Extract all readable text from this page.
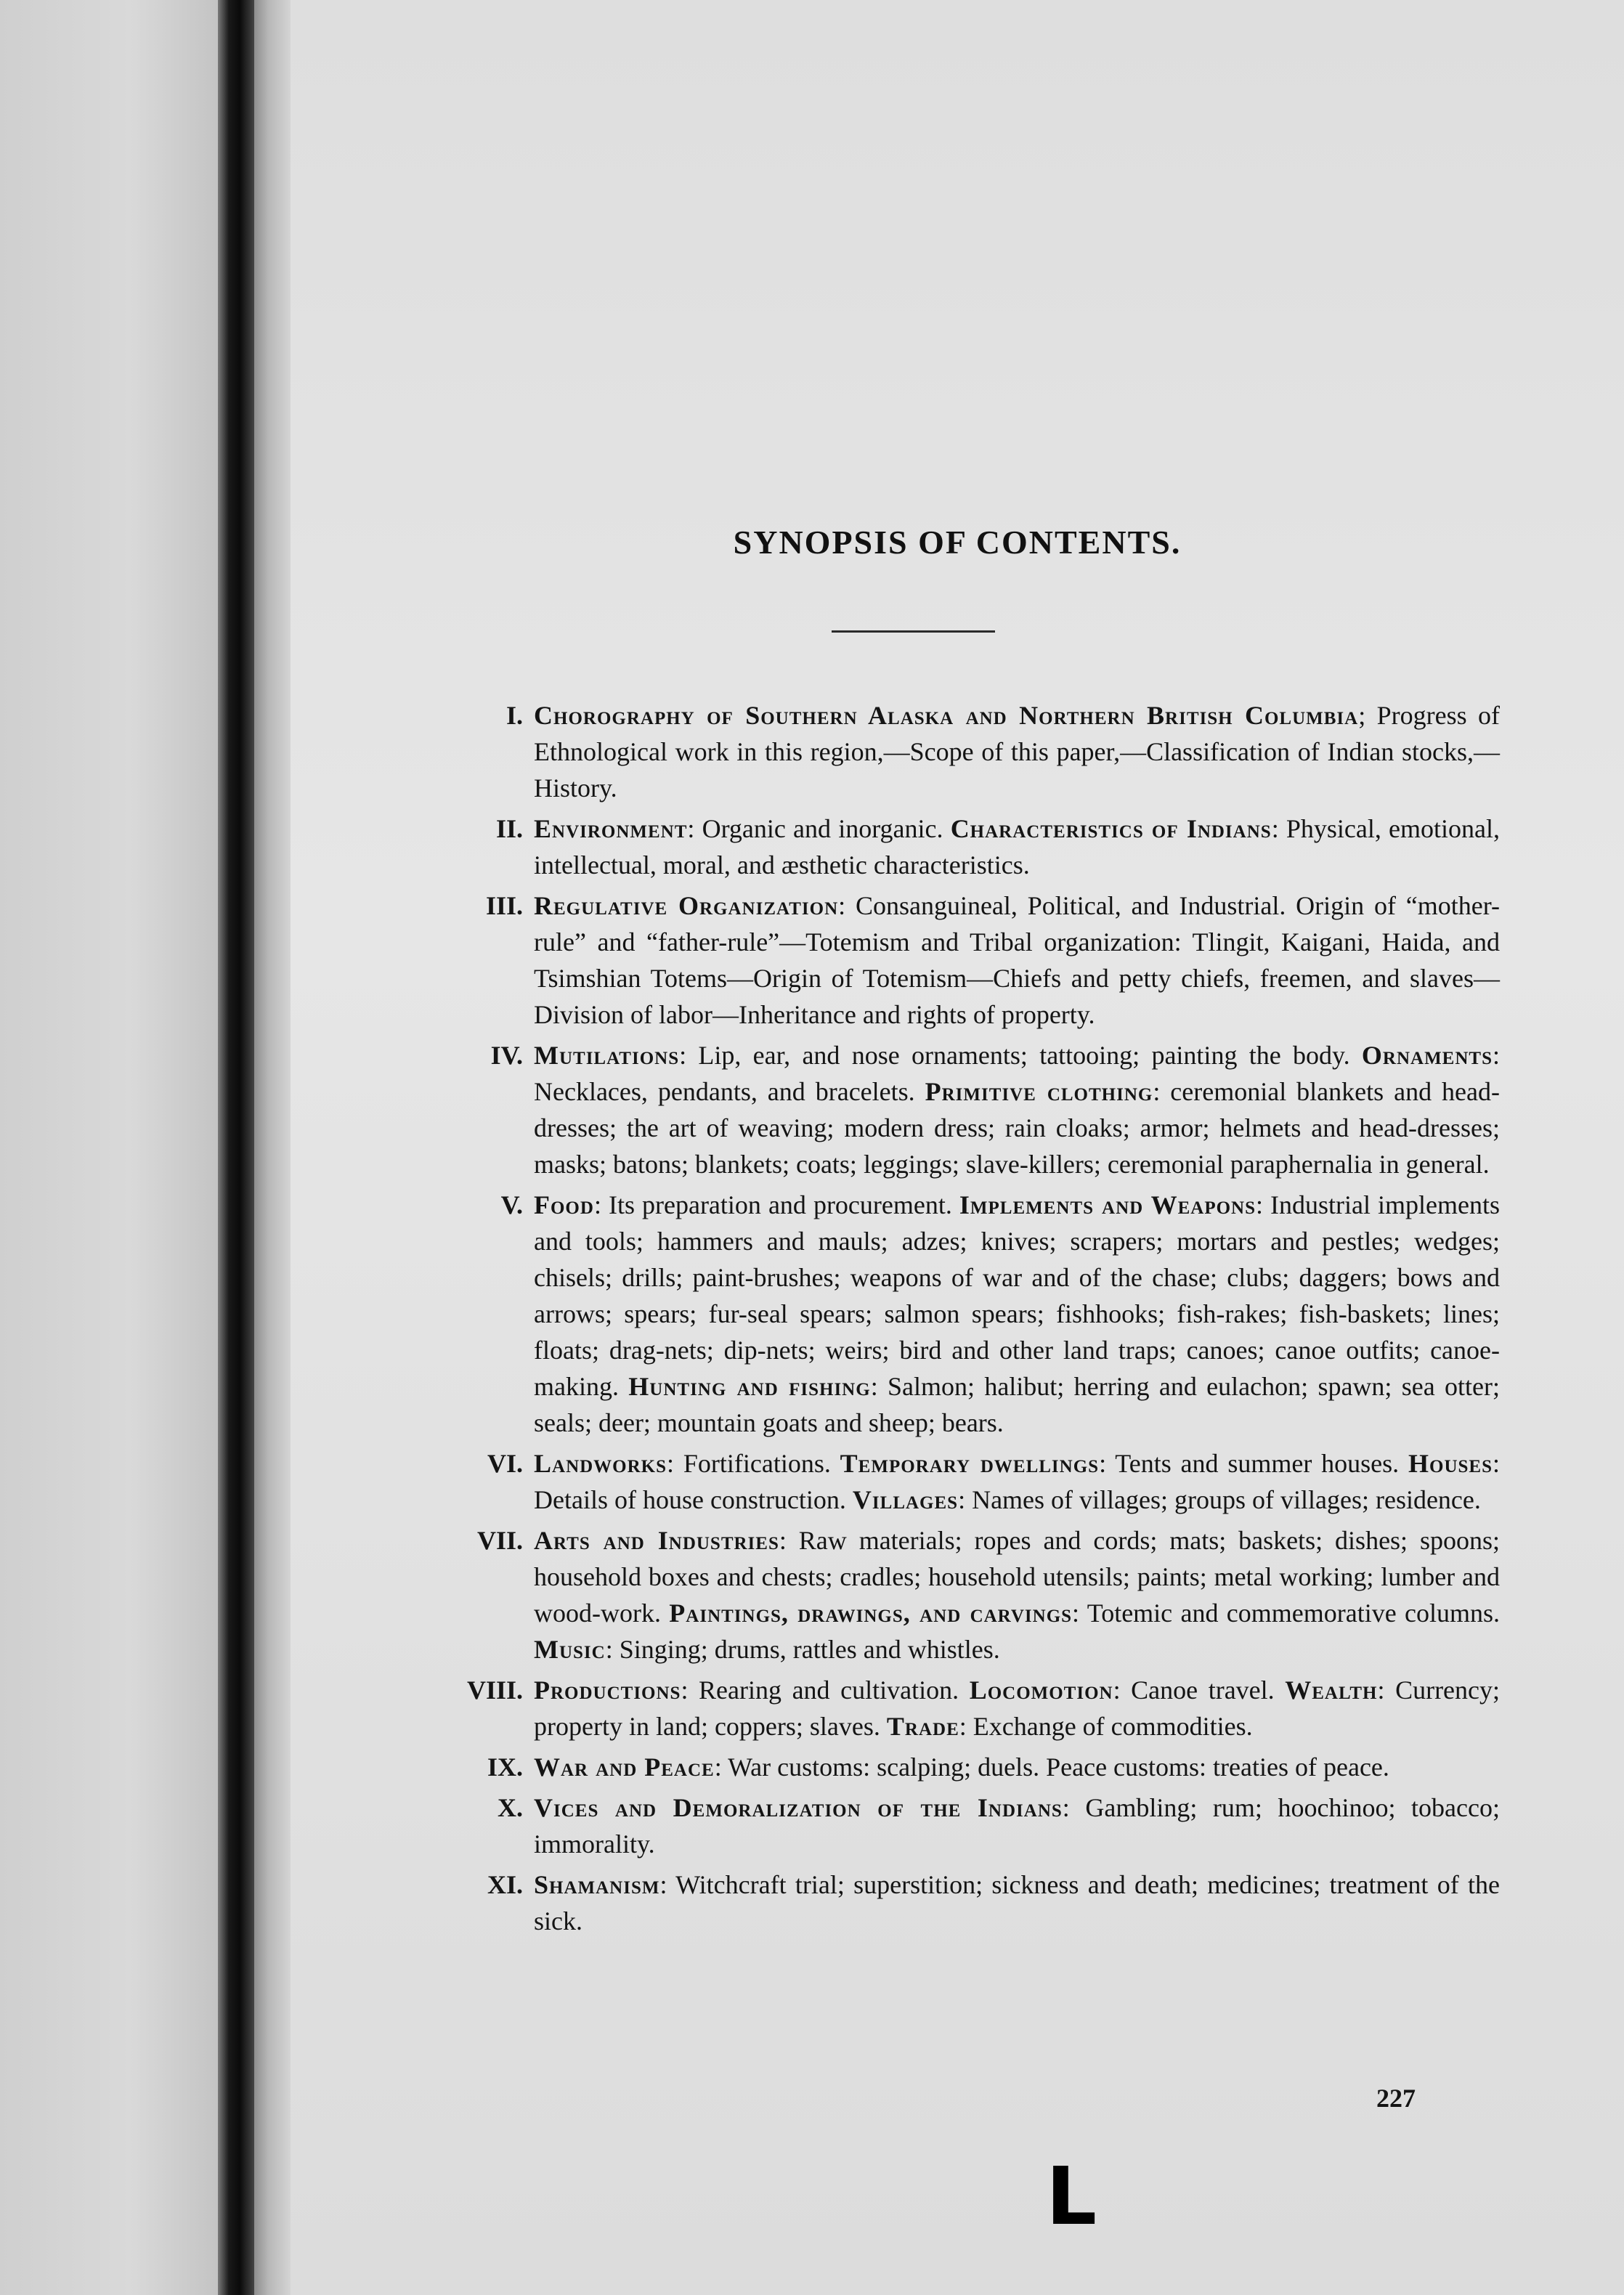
SYNOPSIS OF CONTENTS.
I. Chorography of Southern Alaska and Northern British Columbia; Progress of Ethnological work in this region,—Scope of this paper,—Classification of Indian stocks,—History.
II. Environment: Organic and inorganic. Characteristics of Indians: Physical, emotional, intellectual, moral, and æsthetic characteristics.
III. Regulative Organization: Consanguineal, Political, and Industrial. Origin of “mother-rule” and “father-rule”—Totemism and Tribal organization: Tlingit, Kaigani, Haida, and Tsimshian Totems—Origin of Totemism—Chiefs and petty chiefs, freemen, and slaves—Division of labor—Inheritance and rights of property.
IV. Mutilations: Lip, ear, and nose ornaments; tattooing; painting the body. Ornaments: Necklaces, pendants, and bracelets. Primitive clothing: ceremonial blankets and head-dresses; the art of weaving; modern dress; rain cloaks; armor; helmets and head-dresses; masks; batons; blankets; coats; leggings; slave-killers; ceremonial paraphernalia in general.
V. Food: Its preparation and procurement. Implements and Weapons: Industrial implements and tools; hammers and mauls; adzes; knives; scrapers; mortars and pestles; wedges; chisels; drills; paint-brushes; weapons of war and of the chase; clubs; daggers; bows and arrows; spears; fur-seal spears; salmon spears; fishhooks; fish-rakes; fish-baskets; lines; floats; drag-nets; dip-nets; weirs; bird and other land traps; canoes; canoe outfits; canoe-making. Hunting and fishing: Salmon; halibut; herring and eulachon; spawn; sea otter; seals; deer; mountain goats and sheep; bears.
VI. Landworks: Fortifications. Temporary dwellings: Tents and summer houses. Houses: Details of house construction. Villages: Names of villages; groups of villages; residence.
VII. Arts and Industries: Raw materials; ropes and cords; mats; baskets; dishes; spoons; household boxes and chests; cradles; household utensils; paints; metal working; lumber and wood-work. Paintings, drawings, and carvings: Totemic and commemorative columns. Music: Singing; drums, rattles and whistles.
VIII. Productions: Rearing and cultivation. Locomotion: Canoe travel. Wealth: Currency; property in land; coppers; slaves. Trade: Exchange of commodities.
IX. War and Peace: War customs: scalping; duels. Peace customs: treaties of peace.
X. Vices and Demoralization of the Indians: Gambling; rum; hoochinoo; tobacco; immorality.
XI. Shamanism: Witchcraft trial; superstition; sickness and death; medicines; treatment of the sick.
227
L
